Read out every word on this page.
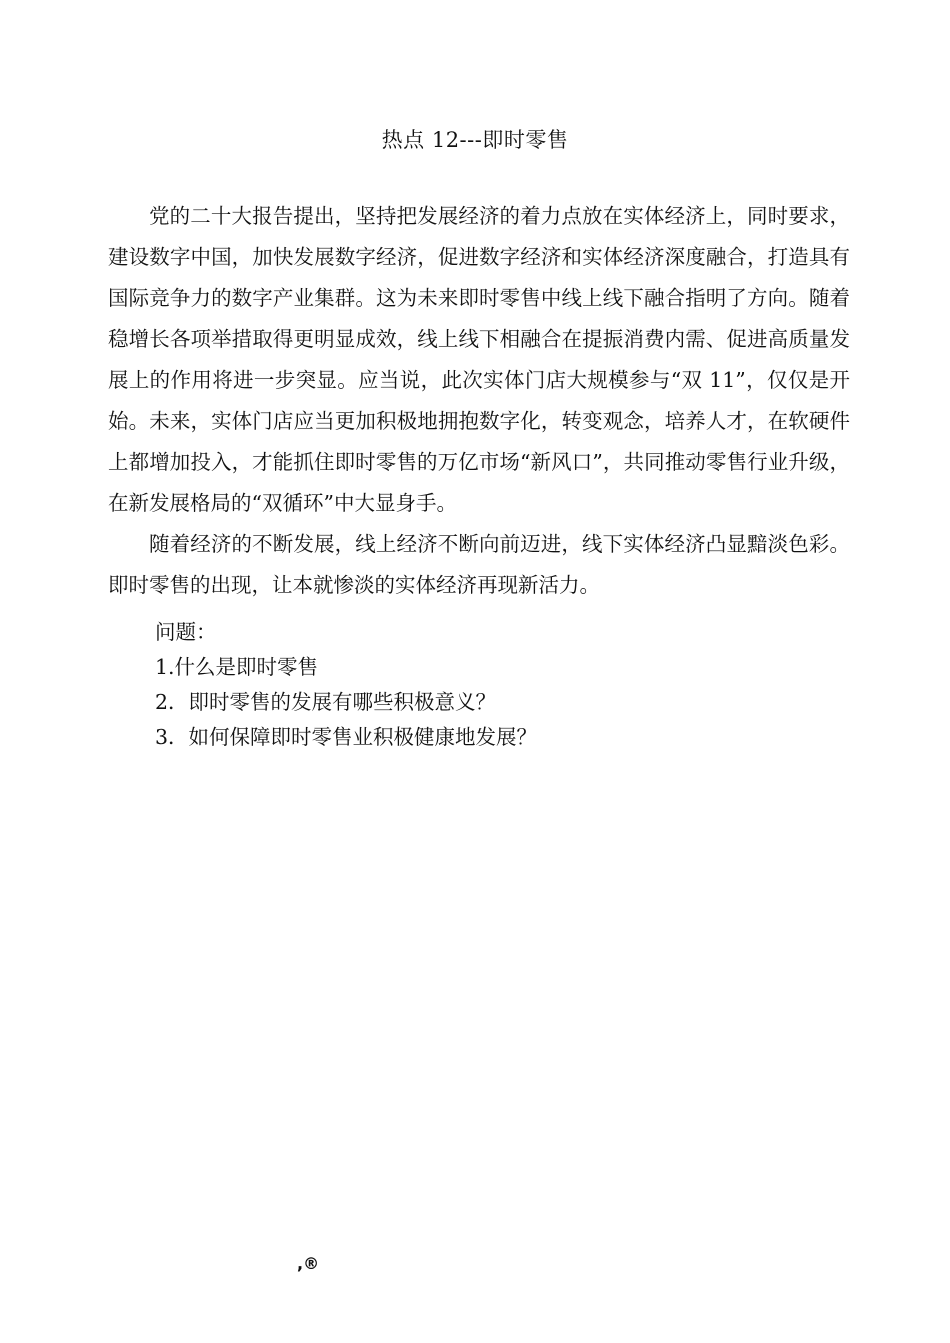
热点 12---即时零售

党的二十大报告提出，坚持把发展经济的着力点放在实体经济上，同时要求，建设数字中国，加快发展数字经济，促进数字经济和实体经济深度融合，打造具有国际竞争力的数字产业集群。这为未来即时零售中线上线下融合指明了方向。随着稳增长各项举措取得更明显成效，线上线下相融合在提振消费内需、促进高质量发展上的作用将进一步突显。应当说，此次实体门店大规模参与“双 11”，仅仅是开始。未来，实体门店应当更加积极地拥抱数字化，转变观念，培养人才，在软硬件上都增加投入，才能抓住即时零售的万亿市场“新风口”，共同推动零售行业升级，在新发展格局的“双循环”中大显身手。

随着经济的不断发展，线上经济不断向前迈进，线下实体经济凸显黯淡色彩。即时零售的出现，让本就惨淡的实体经济再现新活力。

问题：

1.什么是即时零售

2．即时零售的发展有哪些积极意义？

3．如何保障即时零售业积极健康地发展？

,®
